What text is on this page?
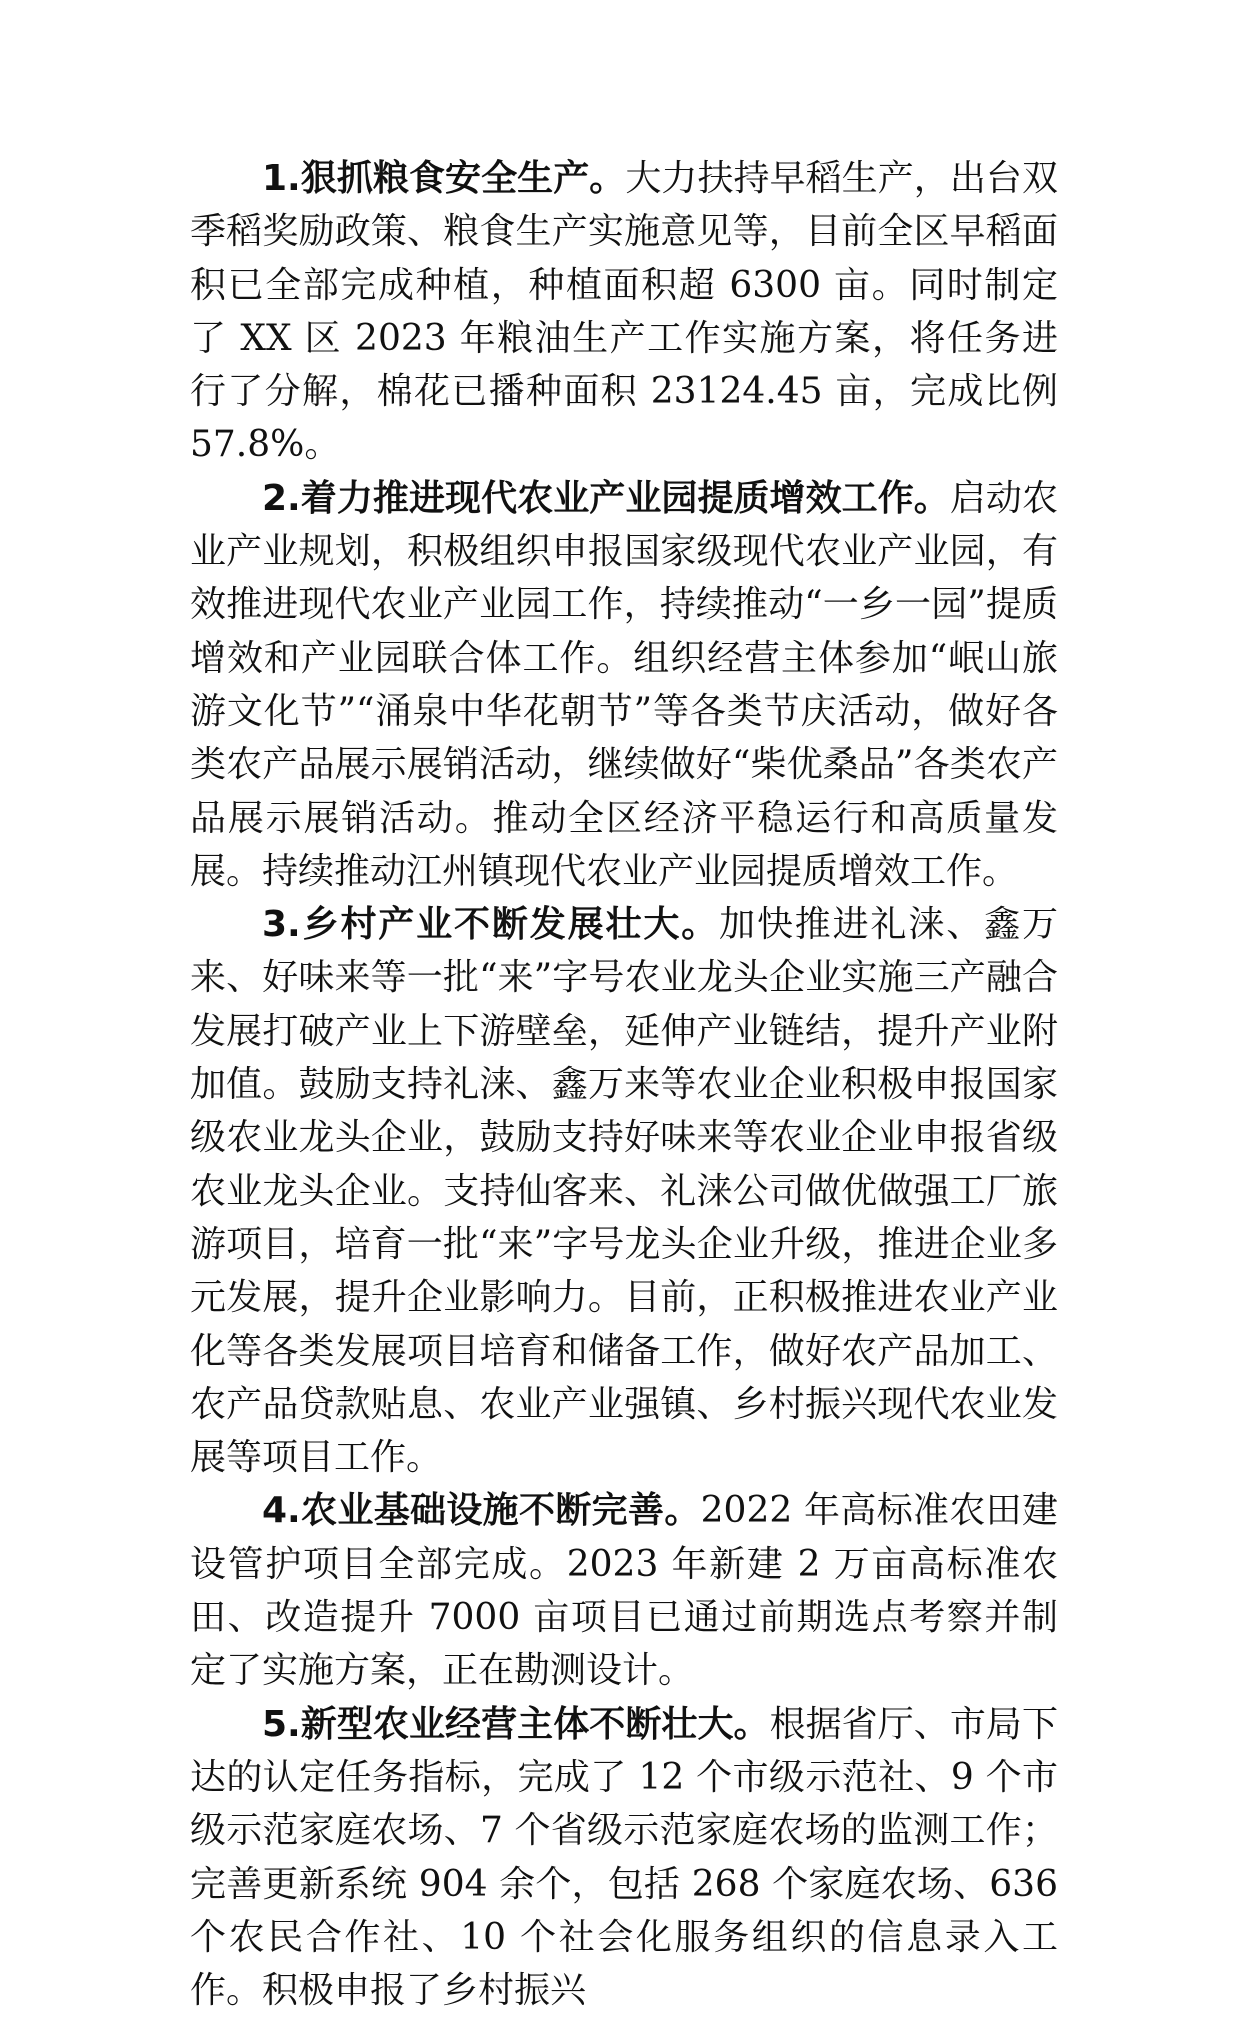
1.狠抓粮食安全生产。大力扶持早稻生产，出台双季稻奖励政策、粮食生产实施意见等，目前全区早稻面积已全部完成种植，种植面积超 6300 亩。同时制定了 XX 区 2023 年粮油生产工作实施方案，将任务进行了分解，棉花已播种面积 23124.45 亩，完成比例 57.8%。

2.着力推进现代农业产业园提质增效工作。启动农业产业规划，积极组织申报国家级现代农业产业园，有效推进现代农业产业园工作，持续推动“一乡一园”提质增效和产业园联合体工作。组织经营主体参加“岷山旅游文化节”“涌泉中华花朝节”等各类节庆活动，做好各类农产品展示展销活动，继续做好“柴优桑品”各类农产品展示展销活动。推动全区经济平稳运行和高质量发展。持续推动江州镇现代农业产业园提质增效工作。

3.乡村产业不断发展壮大。加快推进礼涞、鑫万来、好味来等一批“来”字号农业龙头企业实施三产融合发展打破产业上下游壁垒，延伸产业链结，提升产业附加值。鼓励支持礼涞、鑫万来等农业企业积极申报国家级农业龙头企业，鼓励支持好味来等农业企业申报省级农业龙头企业。支持仙客来、礼涞公司做优做强工厂旅游项目，培育一批“来”字号龙头企业升级，推进企业多元发展，提升企业影响力。目前，正积极推进农业产业化等各类发展项目培育和储备工作，做好农产品加工、农产品贷款贴息、农业产业强镇、乡村振兴现代农业发展等项目工作。

4.农业基础设施不断完善。2022 年高标准农田建设管护项目全部完成。2023 年新建 2 万亩高标准农田、改造提升 7000 亩项目已通过前期选点考察并制定了实施方案，正在勘测设计。

5.新型农业经营主体不断壮大。根据省厅、市局下达的认定任务指标，完成了 12 个市级示范社、9 个市级示范家庭农场、7 个省级示范家庭农场的监测工作；完善更新系统 904 余个，包括 268 个家庭农场、636 个农民合作社、10 个社会化服务组织的信息录入工作。积极申报了乡村振兴
